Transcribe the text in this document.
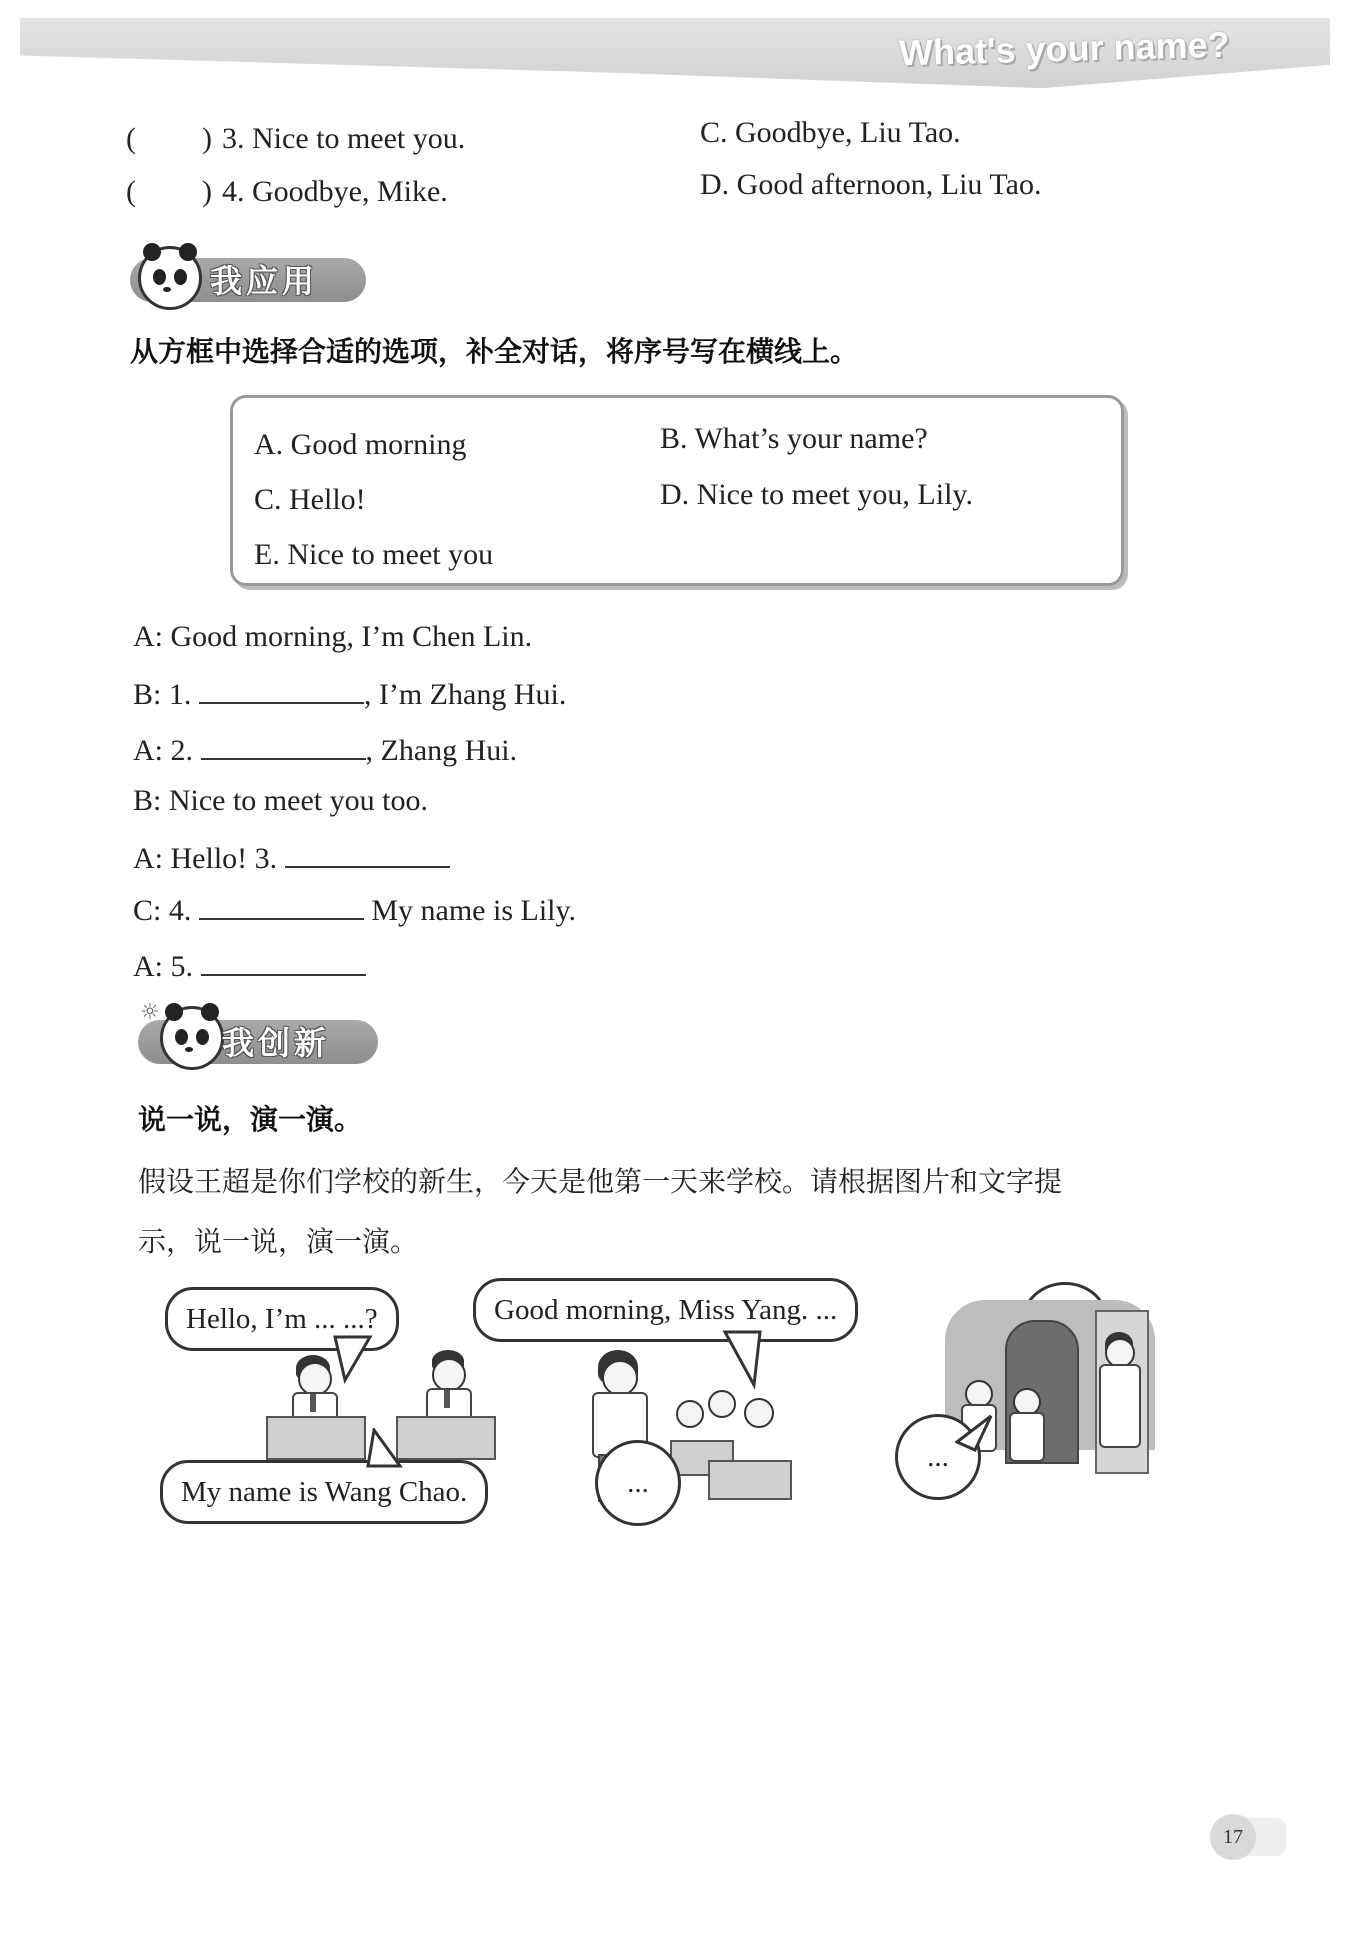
What's your name?
( ) 3. Nice to meet you.
( ) 4. Goodbye, Mike.
C. Goodbye, Liu Tao.
D. Good afternoon, Liu Tao.
我应用
从方框中选择合适的选项，补全对话，将序号写在横线上。
A. Good morning	B. What’s your name?
C. Hello!	D. Nice to meet you, Lily.
E. Nice to meet you
A: Good morning, I’m Chen Lin.
B: 1.	, I’m Zhang Hui.
A: 2.	, Zhang Hui.
B: Nice to meet you too.
A: Hello! 3.
C: 4.	My name is Lily.
A: 5.
☼
我创新
说一说，演一演。
假设王超是你们学校的新生，今天是他第一天来学校。请根据图片和文字提
示，说一说，演一演。
Hello, I’m ... ...?
My name is Wang Chao.
Good morning, Miss Yang. ...
...
...
17
